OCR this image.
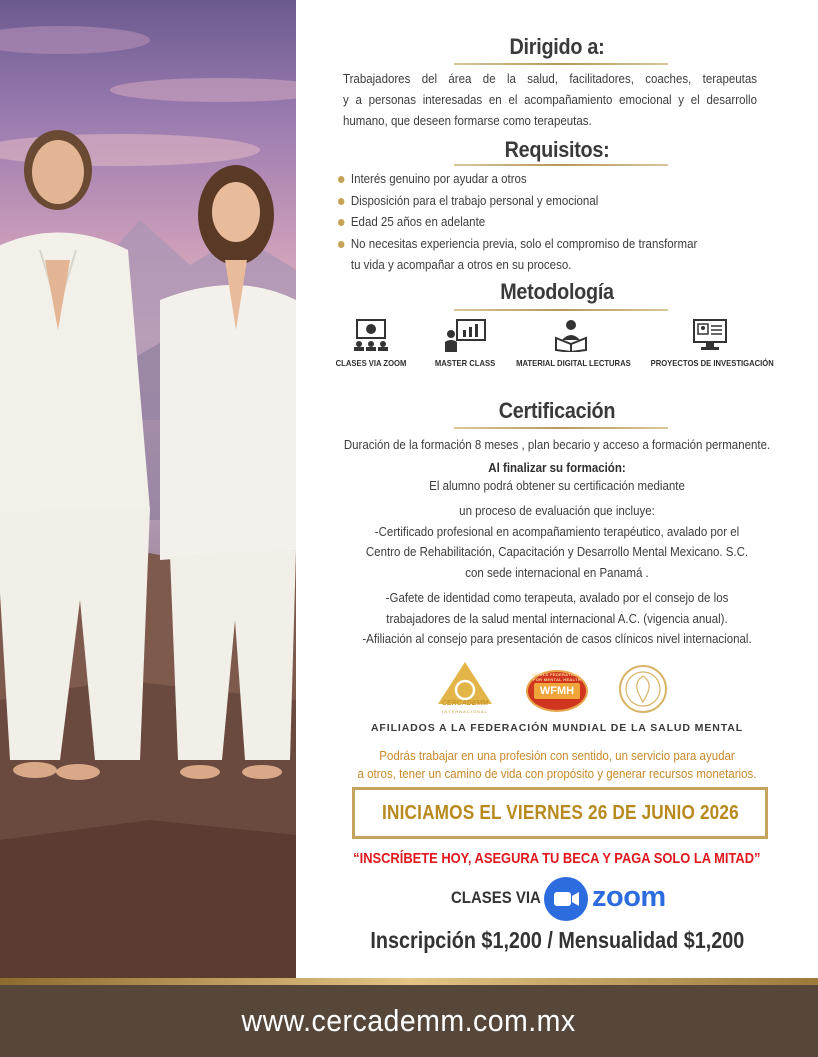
Dirigido a:
Trabajadores del área de la salud, facilitadores, coaches, terapeutas
y a personas interesadas en el acompañamiento emocional y el desarrollo
humano, que deseen formarse como terapeutas.
Requisitos:
Interés genuino por ayudar a otros
Disposición para el trabajo personal y emocional
Edad 25 años en adelante
No necesitas experiencia previa, solo el compromiso de transformar
tu vida y acompañar a otros en su proceso.
Metodología
CLASES VIA ZOOM	MASTER CLASS	MATERIAL DIGITAL LECTURAS PROYECTOS DE INVESTIGACIÓN
Certificación
Duración de la formación 8 meses , plan becario y acceso a formación permanente.
Al finalizar su formación:
El alumno podrá obtener su certificación mediante
un proceso de evaluación que incluye:
-Certificado profesional en acompañamiento terapéutico, avalado por el
Centro de Rehabilitación, Capacitación y Desarrollo Mental Mexicano. S.C.
con sede internacional en Panamá .
-Gafete de identidad como terapeuta, avalado por el consejo de los
trabajadores de la salud mental internacional A.C. (vigencia anual).
-Afiliación al consejo para presentación de casos clínicos nivel internacional.
CERCADEMM
INTERNACIONAL
WORLD FEDERATION · FOR MENTAL HEALTH
WFMH
AFILIADOS A LA FEDERACIÓN MUNDIAL DE LA SALUD MENTAL
Podrás trabajar en una profesión con sentido, un servicio para ayudar
a otros, tener un camino de vida con propósito y generar recursos monetarios.
INICIAMOS EL VIERNES 26 DE JUNIO 2026
“INSCRÍBETE HOY, ASEGURA TU BECA Y PAGA SOLO LA MITAD”
CLASES VIA zoom
Inscripción $1,200 / Mensualidad $1,200
www.cercademm.com.mx
